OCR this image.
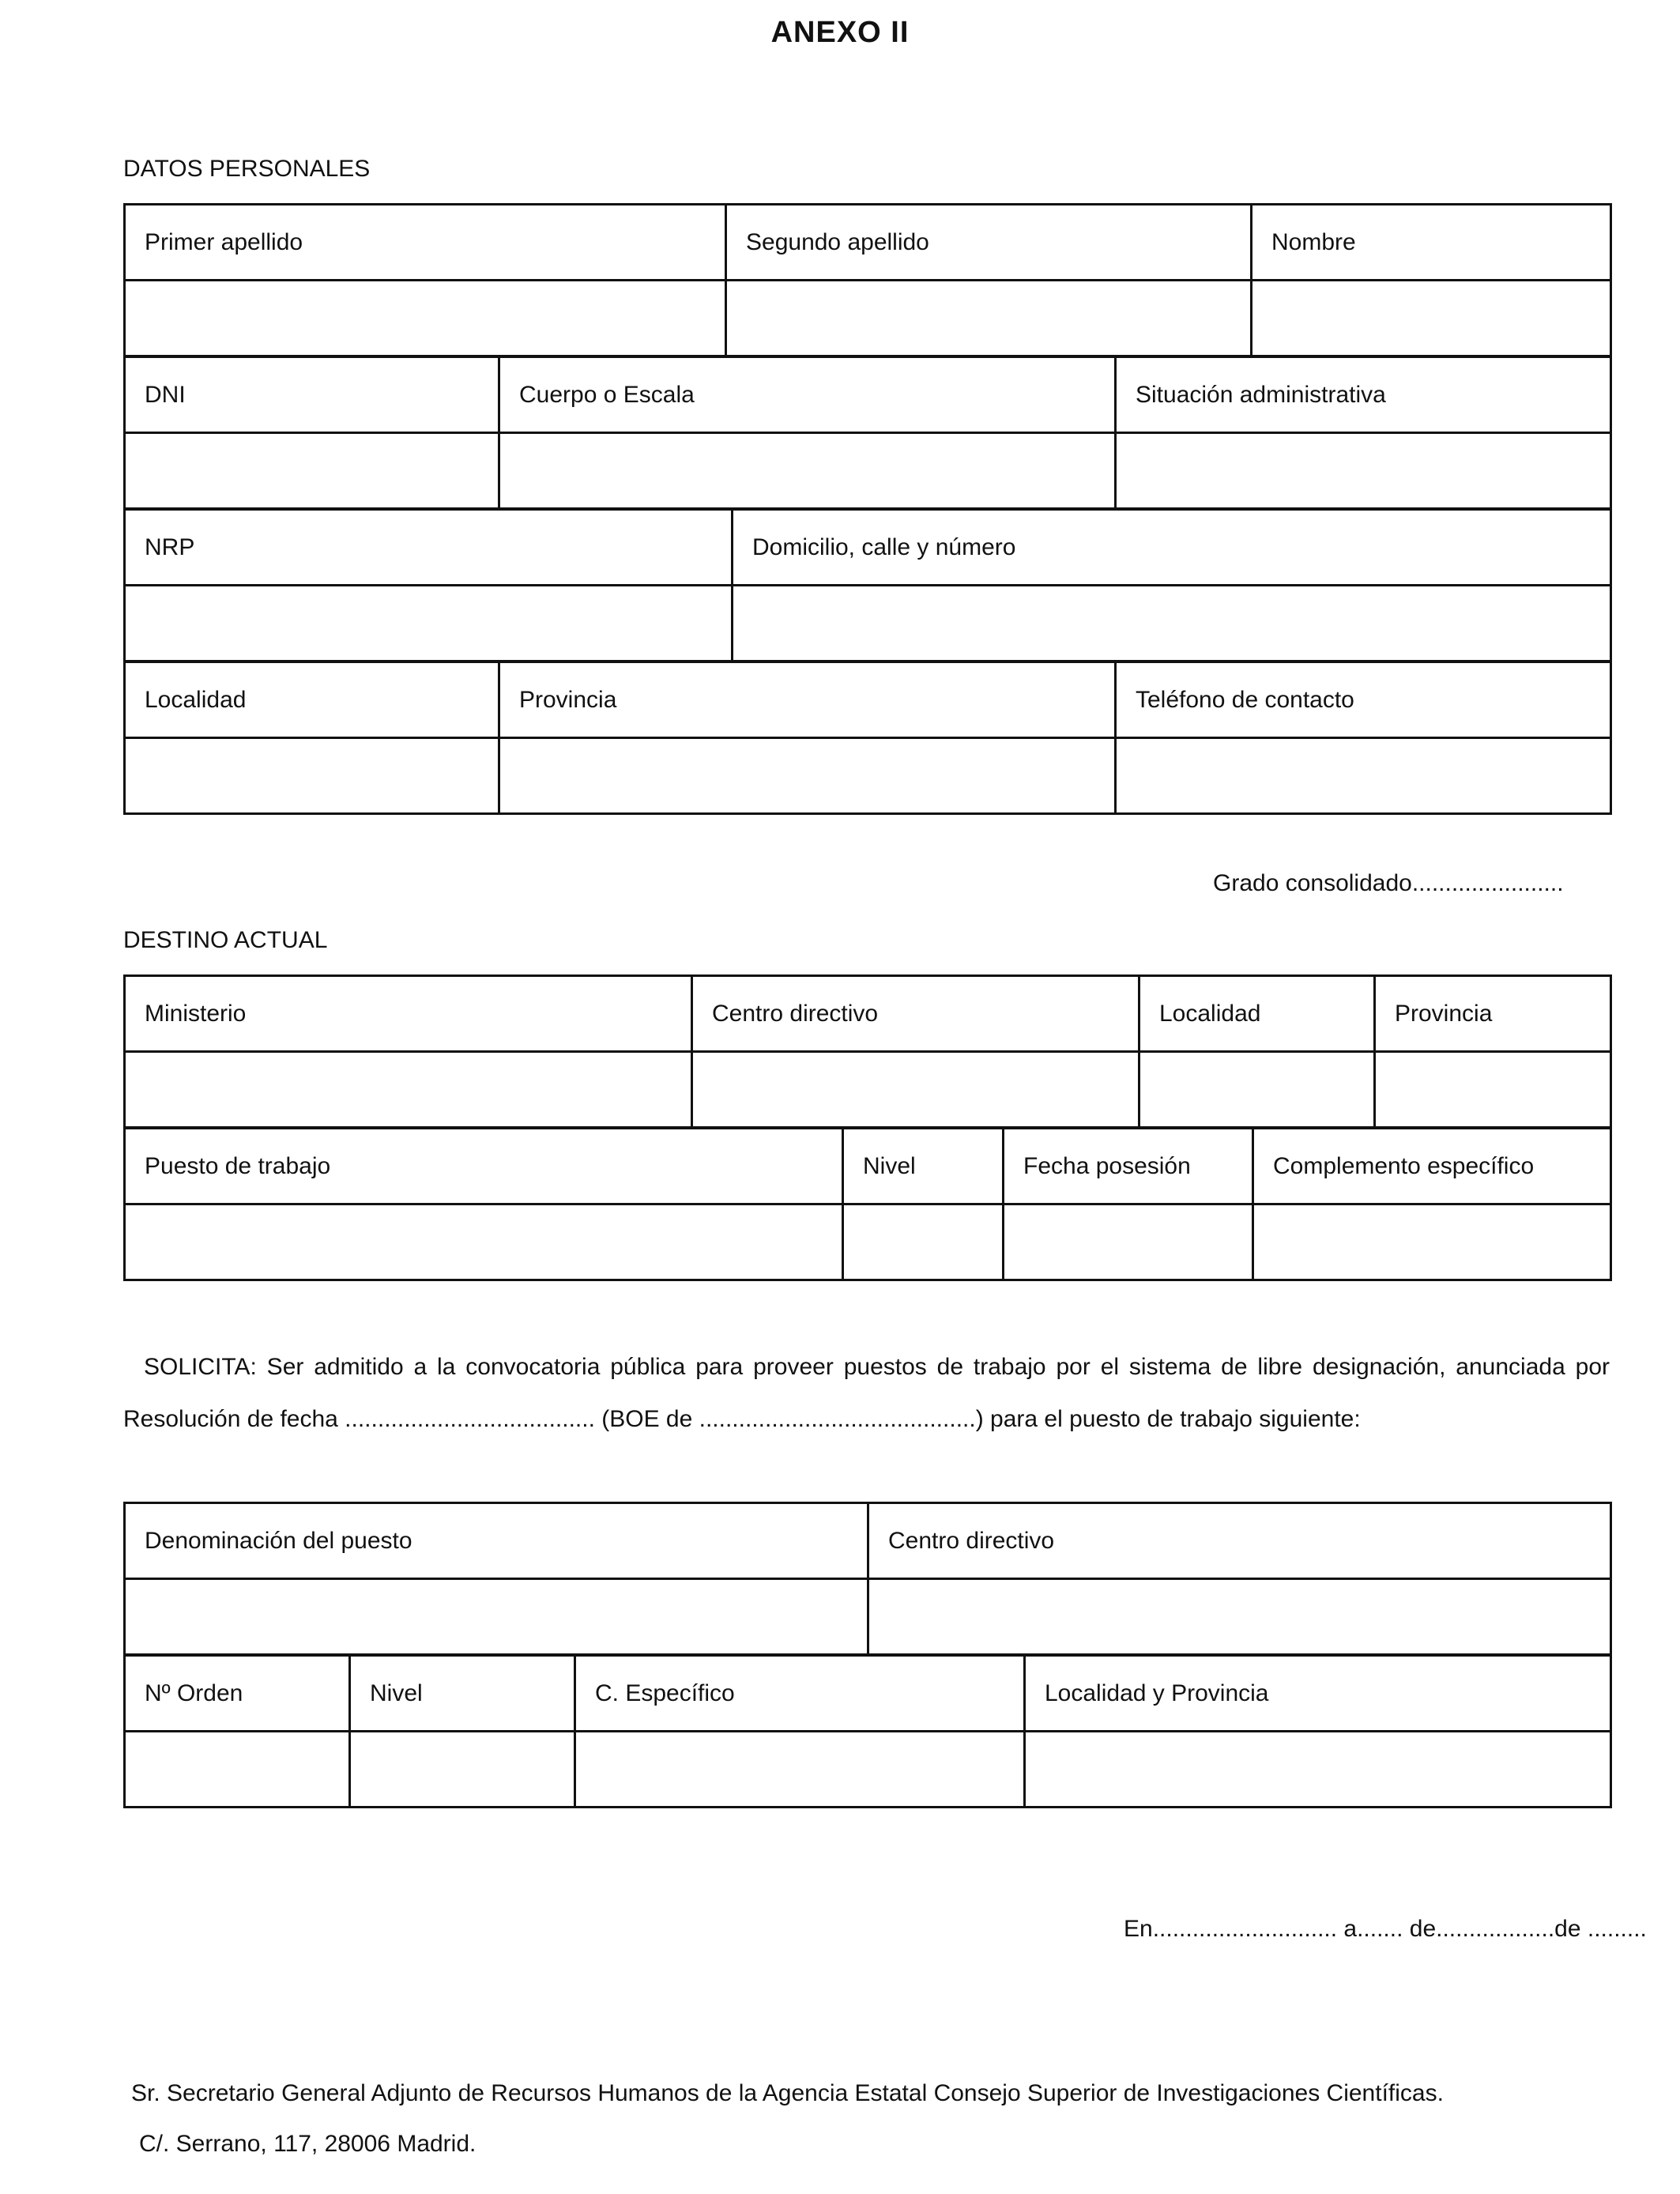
ANEXO II
DATOS PERSONALES
Primer apellido	Segundo apellido	Nombre

DNI	Cuerpo o Escala	Situación administrativa

NRP	Domicilio, calle y número

Localidad	Provincia	Teléfono de contacto

Grado consolidado.......................
DESTINO ACTUAL
Ministerio	Centro directivo	Localidad	Provincia

Puesto de trabajo	Nivel	Fecha posesión	Complemento específico

SOLICITA: Ser admitido a la convocatoria pública para proveer puestos de trabajo por el sistema de libre designación, anunciada por
Resolución de fecha ...................................... (BOE de ..........................................) para el puesto de trabajo siguiente:
Denominación del puesto	Centro directivo

Nº Orden	Nivel	C. Específico	Localidad y Provincia

En............................ a....... de..................de .........
Sr. Secretario General Adjunto de Recursos Humanos de la Agencia Estatal Consejo Superior de Investigaciones Científicas.
C/. Serrano, 117, 28006 Madrid.
